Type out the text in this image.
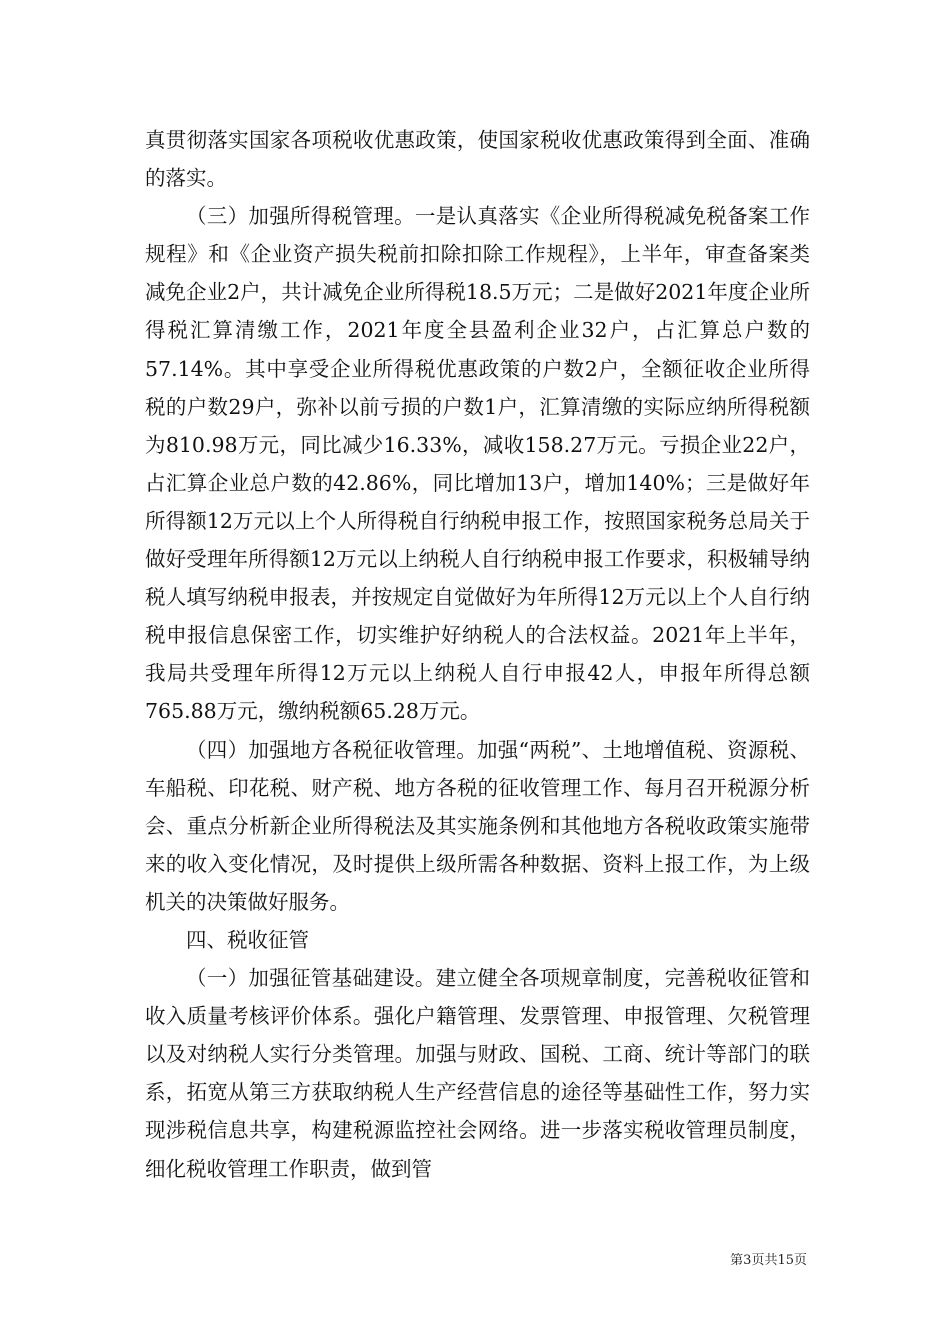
真贯彻落实国家各项税收优惠政策，使国家税收优惠政策得到全面、准确的落实。

（三）加强所得税管理。一是认真落实《企业所得税减免税备案工作规程》和《企业资产损失税前扣除扣除工作规程》，上半年，审查备案类减免企业2户，共计减免企业所得税18.5万元；二是做好2021年度企业所得税汇算清缴工作，2021年度全县盈利企业32户，占汇算总户数的57.14%。其中享受企业所得税优惠政策的户数2户，全额征收企业所得税的户数29户，弥补以前亏损的户数1户，汇算清缴的实际应纳所得税额为810.98万元，同比减少16.33%，减收158.27万元。亏损企业22户，占汇算企业总户数的42.86%，同比增加13户，增加140%；三是做好年所得额12万元以上个人所得税自行纳税申报工作，按照国家税务总局关于做好受理年所得额12万元以上纳税人自行纳税申报工作要求，积极辅导纳税人填写纳税申报表，并按规定自觉做好为年所得12万元以上个人自行纳税申报信息保密工作，切实维护好纳税人的合法权益。2021年上半年，我局共受理年所得12万元以上纳税人自行申报42人，申报年所得总额765.88万元，缴纳税额65.28万元。

（四）加强地方各税征收管理。加强“两税”、土地增值税、资源税、车船税、印花税、财产税、地方各税的征收管理工作、每月召开税源分析会、重点分析新企业所得税法及其实施条例和其他地方各税收政策实施带来的收入变化情况，及时提供上级所需各种数据、资料上报工作，为上级机关的决策做好服务。

四、税收征管

（一）加强征管基础建设。建立健全各项规章制度，完善税收征管和收入质量考核评价体系。强化户籍管理、发票管理、申报管理、欠税管理以及对纳税人实行分类管理。加强与财政、国税、工商、统计等部门的联系，拓宽从第三方获取纳税人生产经营信息的途径等基础性工作，努力实现涉税信息共享，构建税源监控社会网络。进一步落实税收管理员制度，细化税收管理工作职责，做到管

第3页共15页
